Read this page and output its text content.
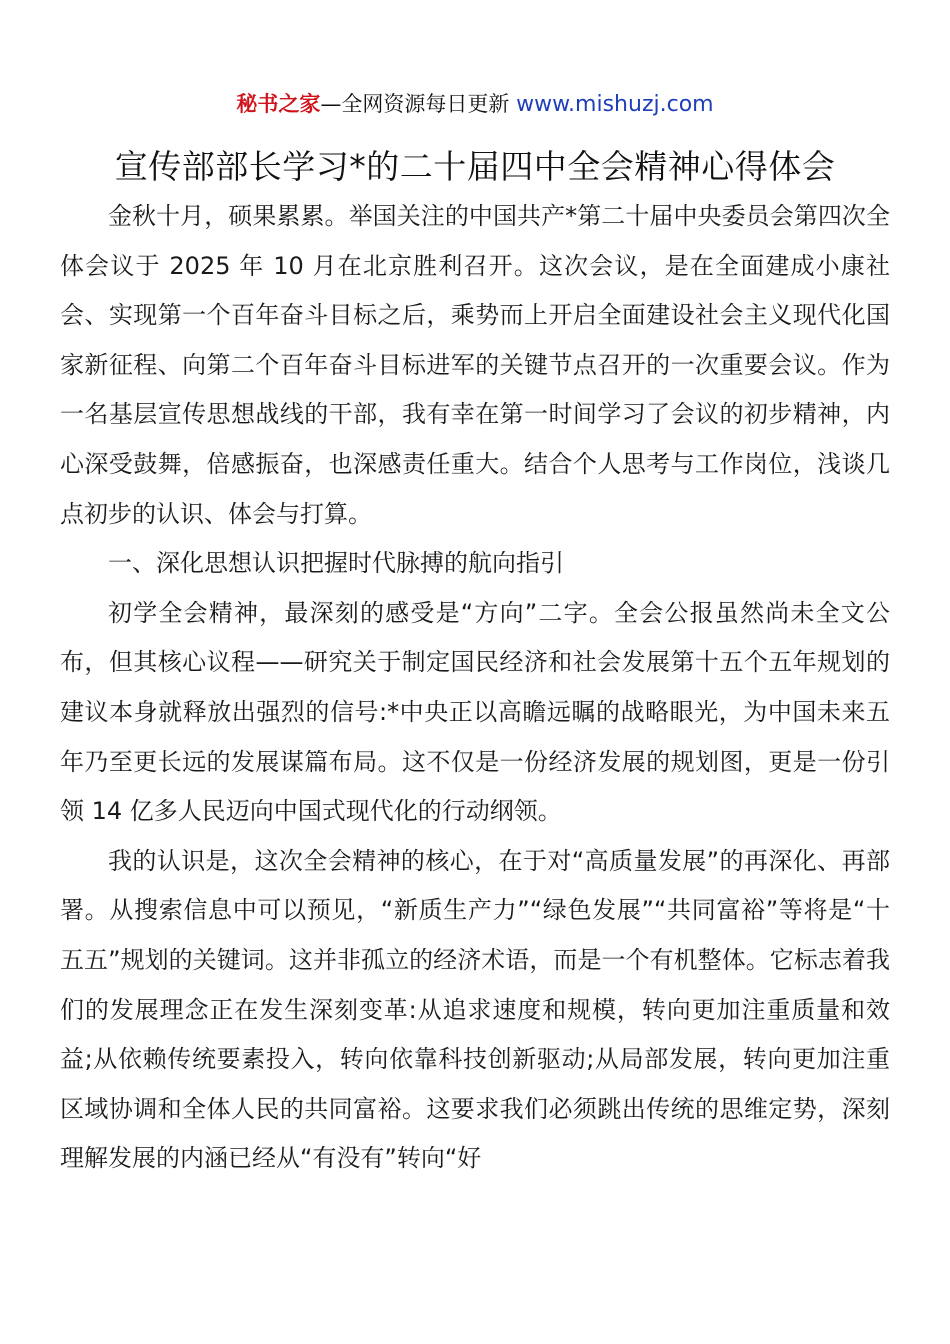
秘书之家—全网资源每日更新 www.mishuzj.com
宣传部部长学习*的二十届四中全会精神心得体会

金秋十月，硕果累累。举国关注的中国共产*第二十届中央委员会第四次全体会议于 2025 年 10 月在北京胜利召开。这次会议，是在全面建成小康社会、实现第一个百年奋斗目标之后，乘势而上开启全面建设社会主义现代化国家新征程、向第二个百年奋斗目标进军的关键节点召开的一次重要会议。作为一名基层宣传思想战线的干部，我有幸在第一时间学习了会议的初步精神，内心深受鼓舞，倍感振奋，也深感责任重大。结合个人思考与工作岗位，浅谈几点初步的认识、体会与打算。

一、深化思想认识把握时代脉搏的航向指引

初学全会精神，最深刻的感受是“方向”二字。全会公报虽然尚未全文公布，但其核心议程——研究关于制定国民经济和社会发展第十五个五年规划的建议本身就释放出强烈的信号:*中央正以高瞻远瞩的战略眼光，为中国未来五年乃至更长远的发展谋篇布局。这不仅是一份经济发展的规划图，更是一份引领 14 亿多人民迈向中国式现代化的行动纲领。

我的认识是，这次全会精神的核心，在于对“高质量发展”的再深化、再部署。从搜索信息中可以预见，“新质生产力”“绿色发展”“共同富裕”等将是“十五五”规划的关键词。这并非孤立的经济术语，而是一个有机整体。它标志着我们的发展理念正在发生深刻变革:从追求速度和规模，转向更加注重质量和效益;从依赖传统要素投入，转向依靠科技创新驱动;从局部发展，转向更加注重区域协调和全体人民的共同富裕。这要求我们必须跳出传统的思维定势，深刻理解发展的内涵已经从“有没有”转向“好
